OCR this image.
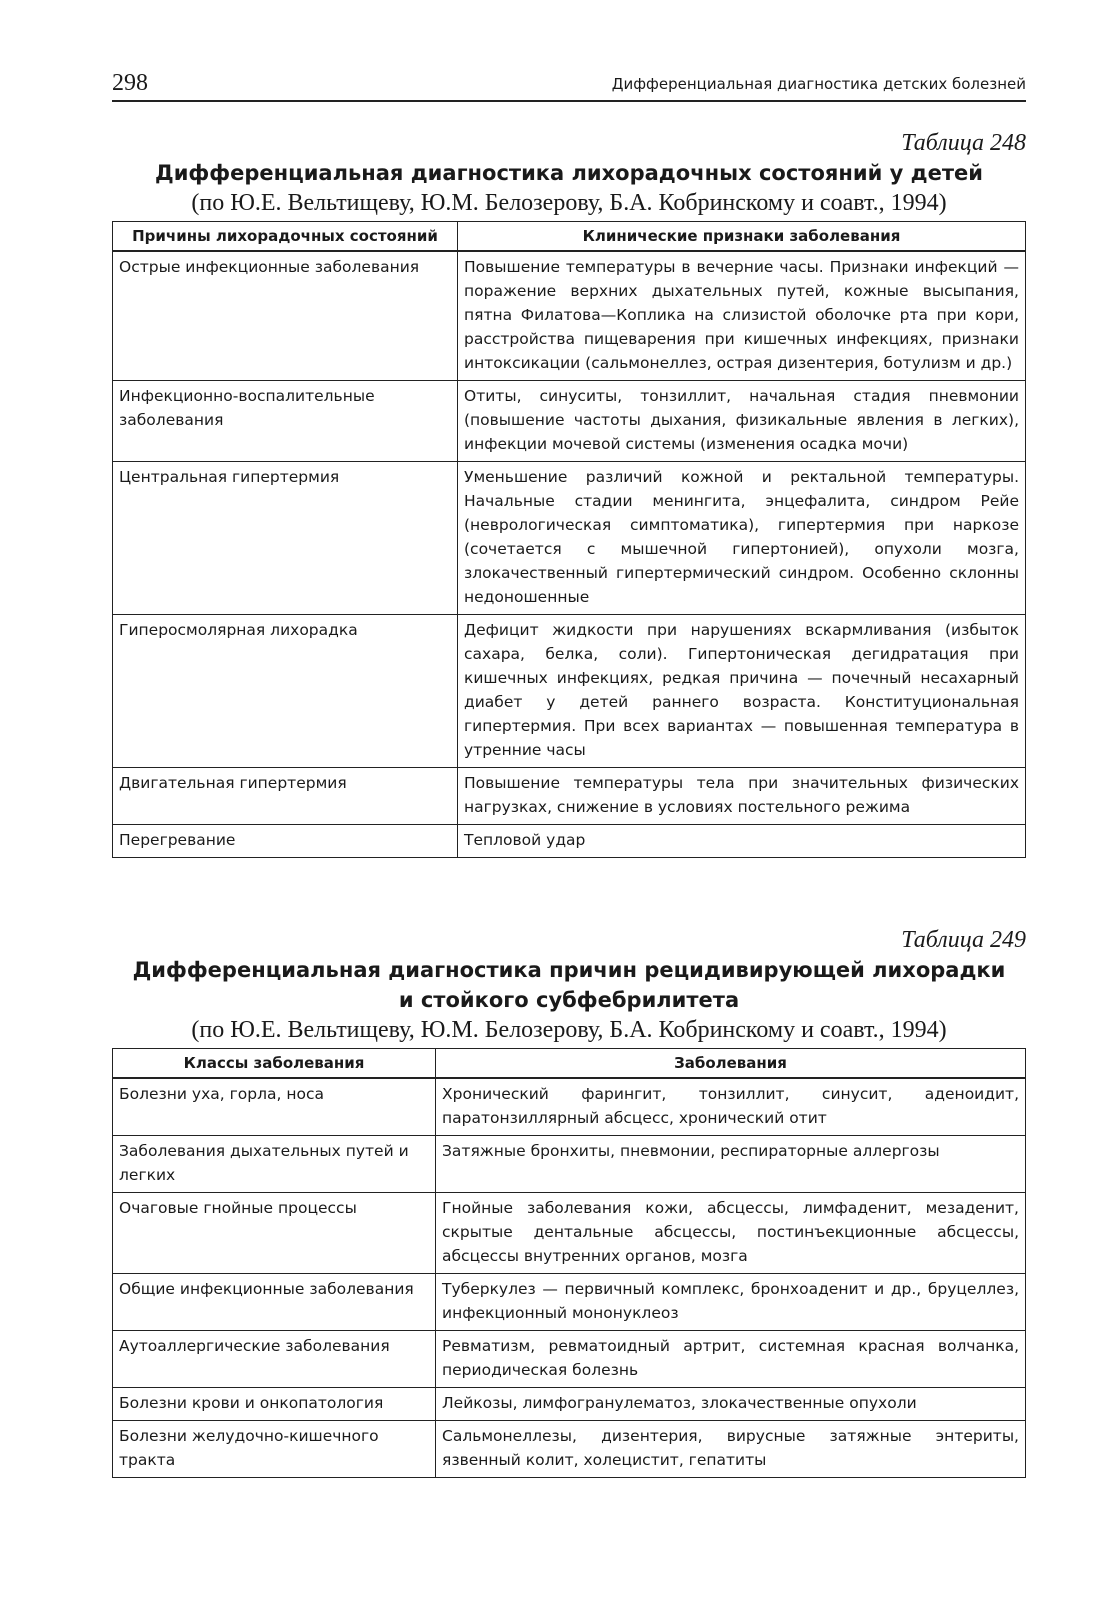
298	Дифференциальная диагностика детских болезней
Таблица 248
Дифференциальная диагностика лихорадочных состояний у детей
(по Ю.Е. Вельтищеву, Ю.М. Белозерову, Б.А. Кобринскому и соавт., 1994)
Причины лихорадочных состояний	Клинические признаки заболевания
Острые инфекционные заболевания	Повышение температуры в вечерние часы. Признаки инфекций — поражение верхних дыхательных путей, кожные высыпания, пятна Филатова—Коплика на слизистой оболочке рта при кори, расстройства пищеварения при кишечных инфекциях, признаки интоксикации (сальмонеллез, острая дизентерия, ботулизм и др.)
Инфекционно-воспалительные заболевания	Отиты, синуситы, тонзиллит, начальная стадия пневмонии (повышение частоты дыхания, физикальные явления в легких), инфекции мочевой системы (изменения осадка мочи)
Центральная гипертермия	Уменьшение различий кожной и ректальной температуры. Начальные стадии менингита, энцефалита, синдром Рейе (неврологическая симптоматика), гипертермия при наркозе (сочетается с мышечной гипертонией), опухоли мозга, злокачественный гипертермический синдром. Особенно склонны недоношенные
Гиперосмолярная лихорадка	Дефицит жидкости при нарушениях вскармливания (избыток сахара, белка, соли). Гипертоническая дегидратация при кишечных инфекциях, редкая причина — почечный несахарный диабет у детей раннего возраста. Конституциональная гипертермия. При всех вариантах — повышенная температура в утренние часы
Двигательная гипертермия	Повышение температуры тела при значительных физических нагрузках, снижение в условиях постельного режима
Перегревание	Тепловой удар
Таблица 249
Дифференциальная диагностика причин рецидивирующей лихорадки
и стойкого субфебрилитета
(по Ю.Е. Вельтищеву, Ю.М. Белозерову, Б.А. Кобринскому и соавт., 1994)
Классы заболевания	Заболевания
Болезни уха, горла, носа	Хронический фарингит, тонзиллит, синусит, аденоидит, паратонзиллярный абсцесс, хронический отит
Заболевания дыхательных путей и легких	Затяжные бронхиты, пневмонии, респираторные аллергозы
Очаговые гнойные процессы	Гнойные заболевания кожи, абсцессы, лимфаденит, мезаденит, скрытые дентальные абсцессы, постинъекционные абсцессы, абсцессы внутренних органов, мозга
Общие инфекционные заболевания	Туберкулез — первичный комплекс, бронхоаденит и др., бруцеллез, инфекционный мононуклеоз
Аутоаллергические заболевания	Ревматизм, ревматоидный артрит, системная красная волчанка, периодическая болезнь
Болезни крови и онкопатология	Лейкозы, лимфогранулематоз, злокачественные опухоли
Болезни желудочно-кишечного тракта	Сальмонеллезы, дизентерия, вирусные затяжные энтериты, язвенный колит, холецистит, гепатиты
